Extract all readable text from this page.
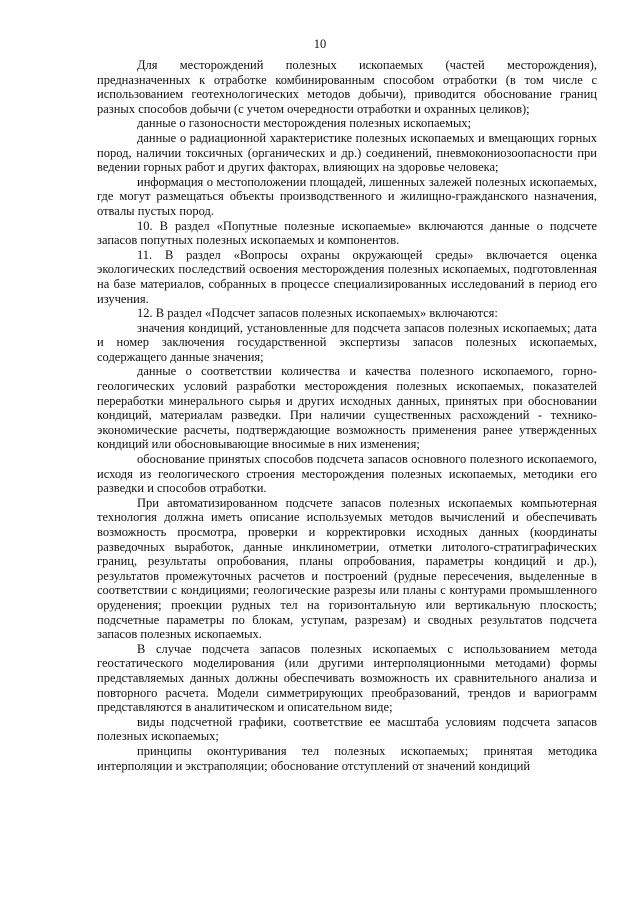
10

Для месторождений полезных ископаемых (частей месторождения), предназначенных к отработке комбинированным способом отработки (в том числе с использованием геотехнологических методов добычи), приводится обоснование границ разных способов добычи (с учетом очередности отработки и охранных целиков);

данные о газоносности месторождения полезных ископаемых;

данные о радиационной характеристике полезных ископаемых и вмещающих горных пород, наличии токсичных (органических и др.) соединений, пневмокониозоопасности при ведении горных работ и других факторах, влияющих на здоровье человека;

информация о местоположении площадей, лишенных залежей полезных ископаемых, где могут размещаться объекты производственного и жилищно-гражданского назначения, отвалы пустых пород.

10. В раздел «Попутные полезные ископаемые» включаются данные о подсчете запасов попутных полезных ископаемых и компонентов.

11. В раздел «Вопросы охраны окружающей среды» включается оценка экологических последствий освоения месторождения полезных ископаемых, подготовленная на базе материалов, собранных в процессе специализированных исследований в период его изучения.

12. В раздел «Подсчет запасов полезных ископаемых» включаются:

значения кондиций, установленные для подсчета запасов полезных ископаемых; дата и номер заключения государственной экспертизы запасов полезных ископаемых, содержащего данные значения;

данные о соответствии количества и качества полезного ископаемого, горно-геологических условий разработки месторождения полезных ископаемых, показателей переработки минерального сырья и других исходных данных, принятых при обосновании кондиций, материалам разведки. При наличии существенных расхождений - технико-экономические расчеты, подтверждающие возможность применения ранее утвержденных кондиций или обосновывающие вносимые в них изменения;

обоснование принятых способов подсчета запасов основного полезного ископаемого, исходя из геологического строения месторождения полезных ископаемых, методики его разведки и способов отработки.

При автоматизированном подсчете запасов полезных ископаемых компьютерная технология должна иметь описание используемых методов вычислений и обеспечивать возможность просмотра, проверки и корректировки исходных данных (координаты разведочных выработок, данные инклинометрии, отметки литолого-стратиграфических границ, результаты опробования, планы опробования, параметры кондиций и др.), результатов промежуточных расчетов и построений (рудные пересечения, выделенные в соответствии с кондициями; геологические разрезы или планы с контурами промышленного оруденения; проекции рудных тел на горизонтальную или вертикальную плоскость; подсчетные параметры по блокам, уступам, разрезам) и сводных результатов подсчета запасов полезных ископаемых.

В случае подсчета запасов полезных ископаемых с использованием метода геостатического моделирования (или другими интерполяционными методами) формы представляемых данных должны обеспечивать возможность их сравнительного анализа и повторного расчета. Модели симметрирующих преобразований, трендов и вариограмм представляются в аналитическом и описательном виде;

виды подсчетной графики, соответствие ее масштаба условиям подсчета запасов полезных ископаемых;

принципы оконтуривания тел полезных ископаемых; принятая методика интерполяции и экстраполяции; обоснование отступлений от значений кондиций
